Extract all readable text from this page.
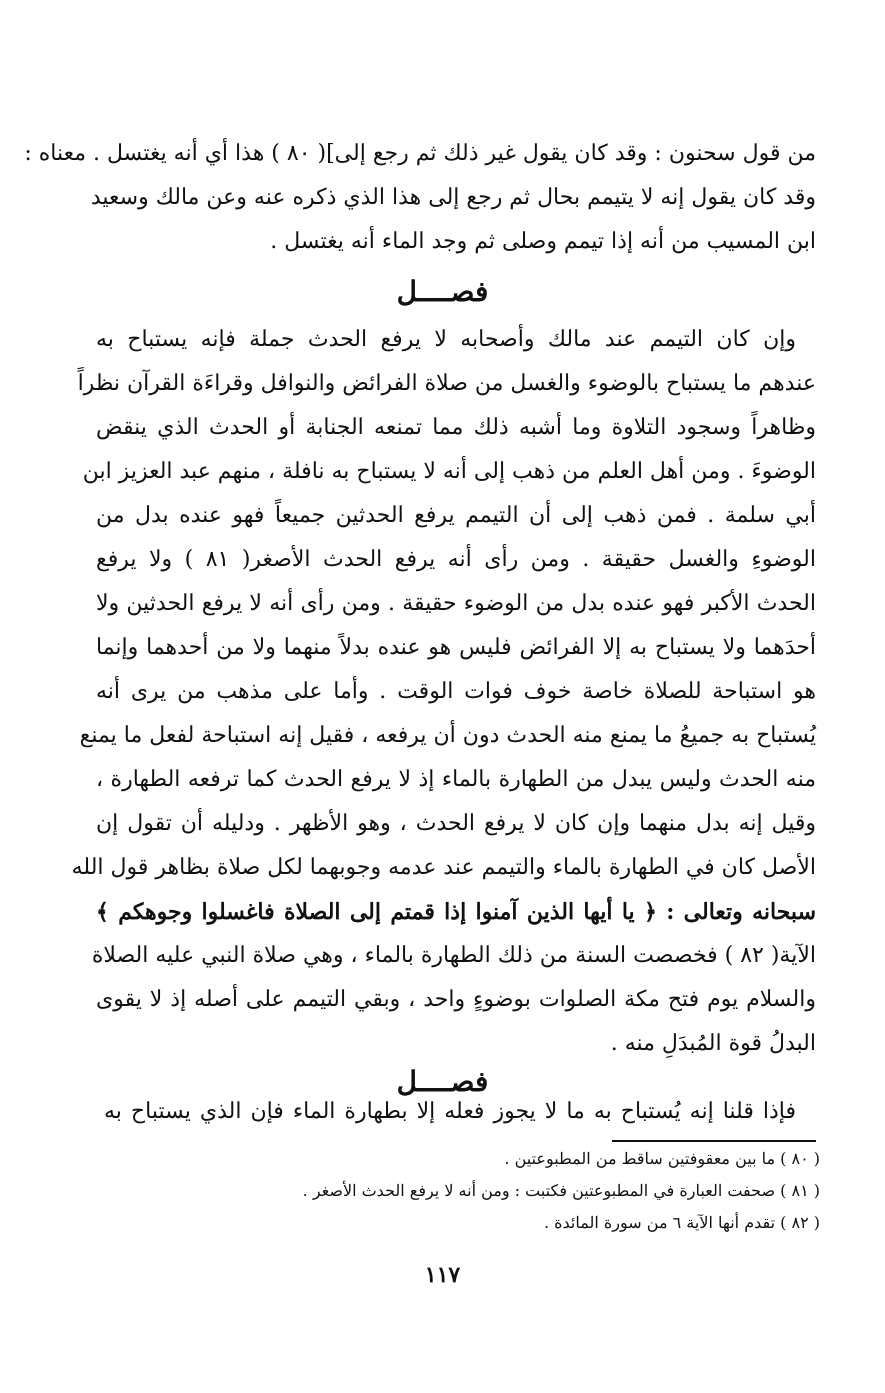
من قول سحنون : وقد كان يقول غير ذلك ثم رجع إلى]( ٨٠ ) هذا أي أنه يغتسل . معناه :
وقد كان يقول إنه لا يتيمم بحال ثم رجع إلى هذا الذي ذكره عنه وعن مالك وسعيد
ابن المسيب من أنه إذا تيمم وصلى ثم وجد الماء أنه يغتسل .
فصــــل
وإن كان التيمم عند مالك وأصحابه لا يرفع الحدث جملة فإنه يستباح به
عندهم ما يستباح بالوضوء والغسل من صلاة الفرائض والنوافل وقراءَة القرآن نظراً
وظاهراً وسجود التلاوة وما أشبه ذلك مما تمنعه الجنابة أو الحدث الذي ينقض
الوضوءَ . ومن أهل العلم من ذهب إلى أنه لا يستباح به نافلة ، منهم عبد العزيز ابن
أبي سلمة . فمن ذهب إلى أن التيمم يرفع الحدثين جميعاً فهو عنده بدل من
الوضوءِ والغسل حقيقة . ومن رأى أنه يرفع الحدث الأصغر( ٨١ ) ولا يرفع
الحدث الأكبر فهو عنده بدل من الوضوء حقيقة . ومن رأى أنه لا يرفع الحدثين ولا
أحدَهما ولا يستباح به إلا الفرائض فليس هو عنده بدلاً منهما ولا من أحدهما وإنما
هو استباحة للصلاة خاصة خوف فوات الوقت . وأما على مذهب من يرى أنه
يُستباح به جميعُ ما يمنع منه الحدث دون أن يرفعه ، فقيل إنه استباحة لفعل ما يمنع
منه الحدث وليس يبدل من الطهارة بالماء إذ لا يرفع الحدث كما ترفعه الطهارة ،
وقيل إنه بدل منهما وإن كان لا يرفع الحدث ، وهو الأظهر . ودليله أن تقول إن
الأصل كان في الطهارة بالماء والتيمم عند عدمه وجوبهما لكل صلاة بظاهر قول الله
سبحانه وتعالى : ﴿ يا أيها الذين آمنوا إذا قمتم إلى الصلاة فاغسلوا وجوهكم ﴾
الآية( ٨٢ ) فخصصت السنة من ذلك الطهارة بالماء ، وهي صلاة النبي عليه الصلاة
والسلام يوم فتح مكة الصلوات بوضوءٍ واحد ، وبقي التيمم على أصله إذ لا يقوى
البدلُ قوة المُبدَلِ منه .
فصــــل
فإذا قلنا إنه يُستباح به ما لا يجوز فعله إلا بطهارة الماء فإن الذي يستباح به
( ٨٠ ) ما بين معقوفتين ساقط من المطبوعتين .
( ٨١ ) صحفت العبارة في المطبوعتين فكتبت : ومن أنه لا يرفع الحدث الأصغر .
( ٨٢ ) تقدم أنها الآية ٦ من سورة المائدة .
١١٧
